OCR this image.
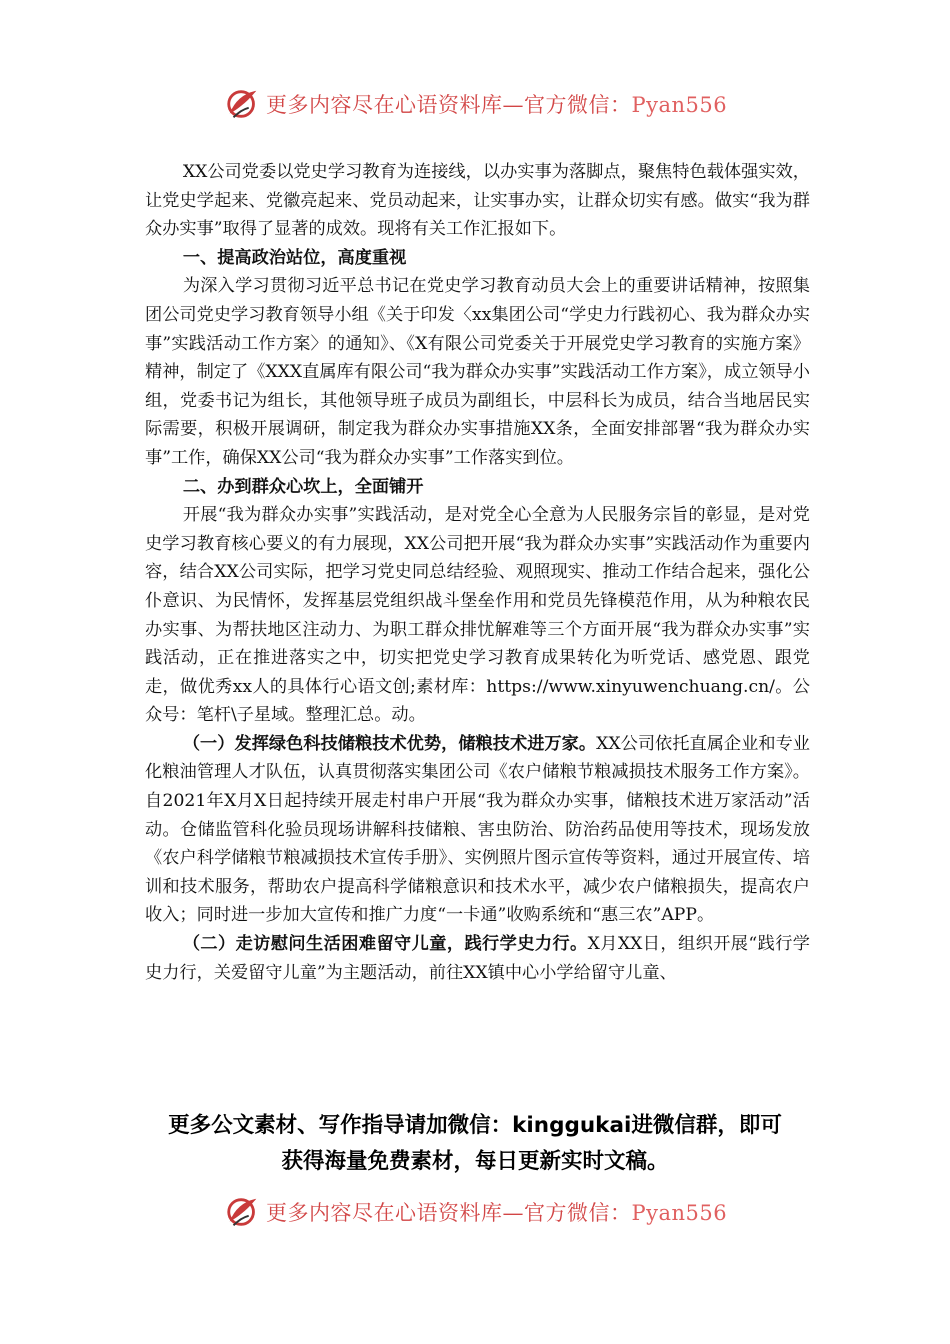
更多内容尽在心语资料库—官方微信：Pyan556

XX公司党委以党史学习教育为连接线，以办实事为落脚点，聚焦特色载体强实效，让党史学起来、党徽亮起来、党员动起来，让实事办实，让群众切实有感。做实“我为群众办实事”取得了显著的成效。现将有关工作汇报如下。

一、提高政治站位，高度重视

为深入学习贯彻习近平总书记在党史学习教育动员大会上的重要讲话精神，按照集团公司党史学习教育领导小组《关于印发〈xx集团公司“学史力行践初心、我为群众办实事”实践活动工作方案〉的通知》、《X有限公司党委关于开展党史学习教育的实施方案》精神，制定了《XXX直属库有限公司“我为群众办实事”实践活动工作方案》，成立领导小组，党委书记为组长，其他领导班子成员为副组长，中层科长为成员，结合当地居民实际需要，积极开展调研，制定我为群众办实事措施XX条，全面安排部署“我为群众办实事”工作，确保XX公司“我为群众办实事”工作落实到位。

二、办到群众心坎上，全面铺开

开展“我为群众办实事”实践活动，是对党全心全意为人民服务宗旨的彰显，是对党史学习教育核心要义的有力展现，XX公司把开展“我为群众办实事”实践活动作为重要内容，结合XX公司实际，把学习党史同总结经验、观照现实、推动工作结合起来，强化公仆意识、为民情怀，发挥基层党组织战斗堡垒作用和党员先锋模范作用，从为种粮农民办实事、为帮扶地区注动力、为职工群众排忧解难等三个方面开展“我为群众办实事”实践活动，正在推进落实之中，切实把党史学习教育成果转化为听党话、感党恩、跟党走，做优秀xx人的具体行心语文创;素材库：https://www.xinyuwenchuang.cn/。公众号：笔杆\子星域。整理汇总。动。

（一）发挥绿色科技储粮技术优势，储粮技术进万家。XX公司依托直属企业和专业化粮油管理人才队伍，认真贯彻落实集团公司《农户储粮节粮减损技术服务工作方案》。自2021年X月X日起持续开展走村串户开展“我为群众办实事，储粮技术进万家活动”活动。仓储监管科化验员现场讲解科技储粮、害虫防治、防治药品使用等技术，现场发放《农户科学储粮节粮减损技术宣传手册》、实例照片图示宣传等资料，通过开展宣传、培训和技术服务，帮助农户提高科学储粮意识和技术水平，减少农户储粮损失，提高农户收入；同时进一步加大宣传和推广力度“一卡通”收购系统和“惠三农”APP。

（二）走访慰问生活困难留守儿童，践行学史力行。X月XX日，组织开展“践行学史力行，关爱留守儿童”为主题活动，前往XX镇中心小学给留守儿童、

更多公文素材、写作指导请加微信：kinggukai进微信群，即可
获得海量免费素材，每日更新实时文稿。
更多内容尽在心语资料库—官方微信：Pyan556
